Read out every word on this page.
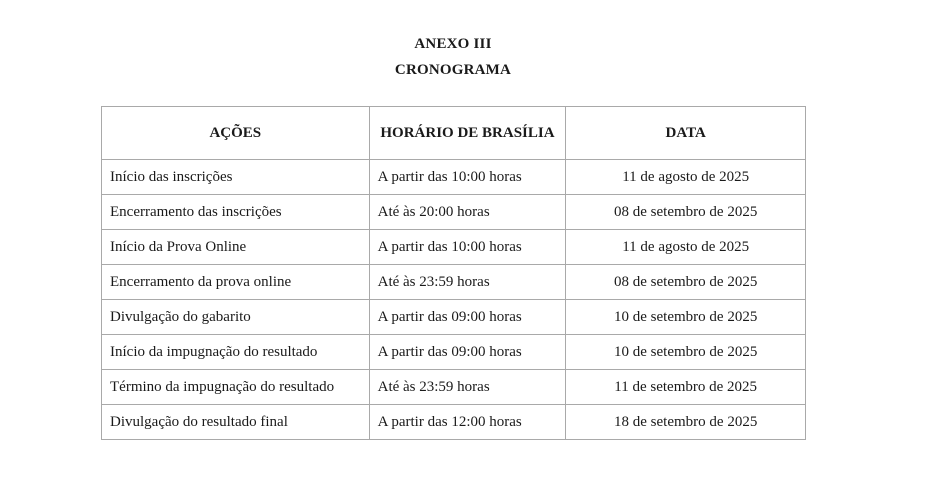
ANEXO III
CRONOGRAMA
AÇÕES	HORÁRIO DE BRASÍLIA	DATA
Início das inscrições	A partir das 10:00 horas	11 de agosto de 2025
Encerramento das inscrições	Até às 20:00 horas	08 de setembro de 2025
Início da Prova Online	A partir das 10:00 horas	11 de agosto de 2025
Encerramento da prova online	Até às 23:59 horas	08 de setembro de 2025
Divulgação do gabarito	A partir das 09:00 horas	10 de setembro de 2025
Início da impugnação do resultado	A partir das 09:00 horas	10 de setembro de 2025
Término da impugnação do resultado	Até às 23:59 horas	11 de setembro de 2025
Divulgação do resultado final	A partir das 12:00 horas	18 de setembro de 2025
